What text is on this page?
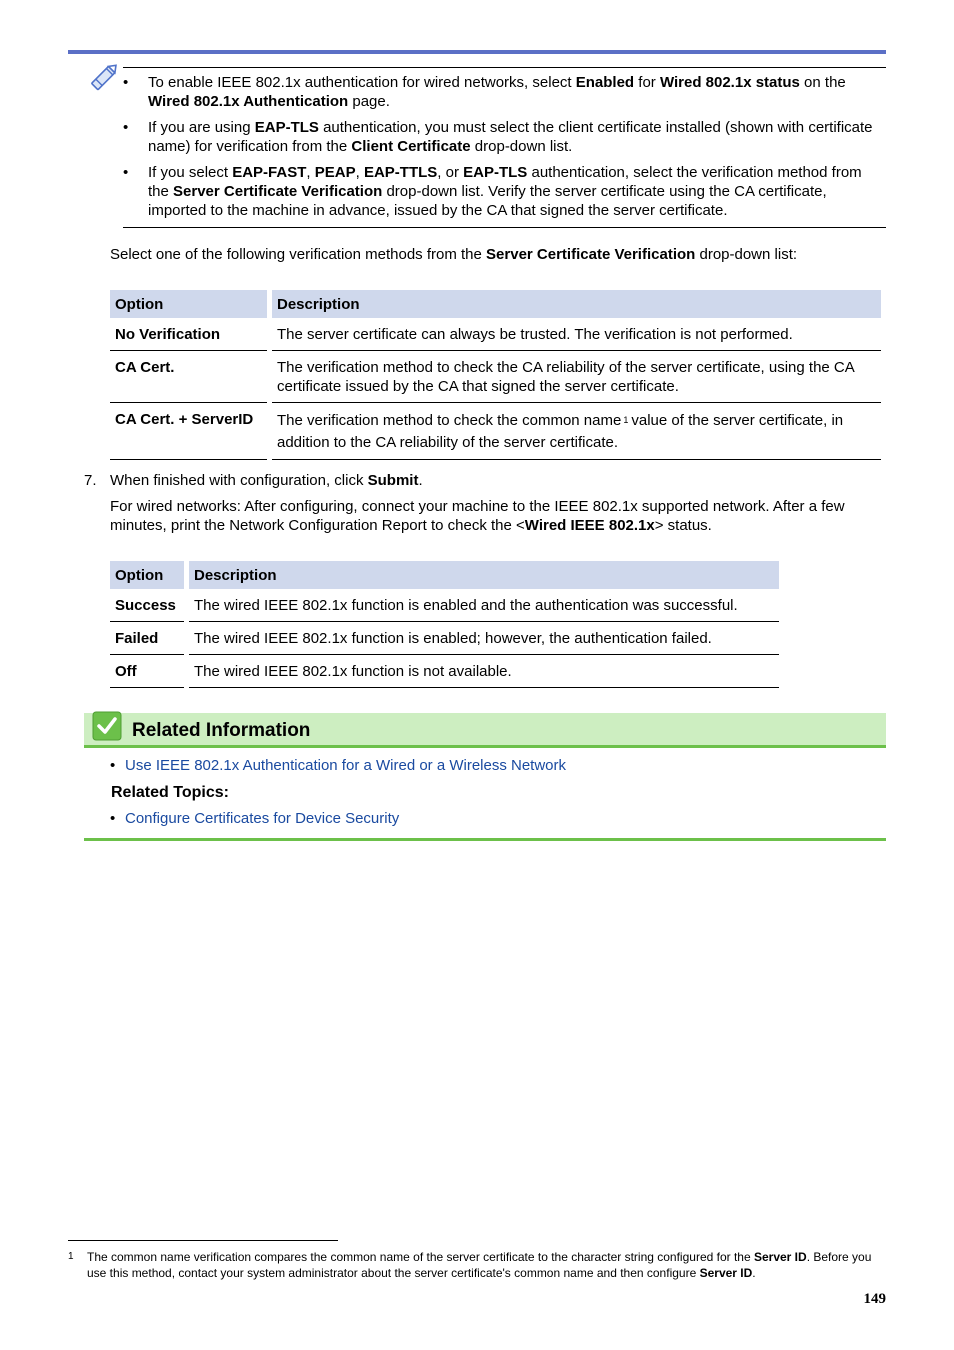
• To enable IEEE 802.1x authentication for wired networks, select Enabled for Wired 802.1x status on the Wired 802.1x Authentication page.
• If you are using EAP-TLS authentication, you must select the client certificate installed (shown with certificate name) for verification from the Client Certificate drop-down list.
• If you select EAP-FAST, PEAP, EAP-TTLS, or EAP-TLS authentication, select the verification method from the Server Certificate Verification drop-down list. Verify the server certificate using the CA certificate, imported to the machine in advance, issued by the CA that signed the server certificate.
Select one of the following verification methods from the Server Certificate Verification drop-down list:
Option		Description
No Verification		The server certificate can always be trusted. The verification is not performed.
CA Cert.		The verification method to check the CA reliability of the server certificate, using the CA certificate issued by the CA that signed the server certificate.
CA Cert. + ServerID		The verification method to check the common name $^1$ value of the server certificate, in addition to the CA reliability of the server certificate.
7. When finished with configuration, click Submit.
For wired networks: After configuring, connect your machine to the IEEE 802.1x supported network. After a few minutes, print the Network Configuration Report to check the <Wired IEEE 802.1x> status.
Option		Description
Success		The wired IEEE 802.1x function is enabled and the authentication was successful.
Failed		The wired IEEE 802.1x function is enabled; however, the authentication failed.
Off		The wired IEEE 802.1x function is not available.
Related Information
• Use IEEE 802.1x Authentication for a Wired or a Wireless Network
Related Topics:
• Configure Certificates for Device Security
1 The common name verification compares the common name of the server certificate to the character string configured for the Server ID. Before you use this method, contact your system administrator about the server certificate's common name and then configure Server ID.
149
